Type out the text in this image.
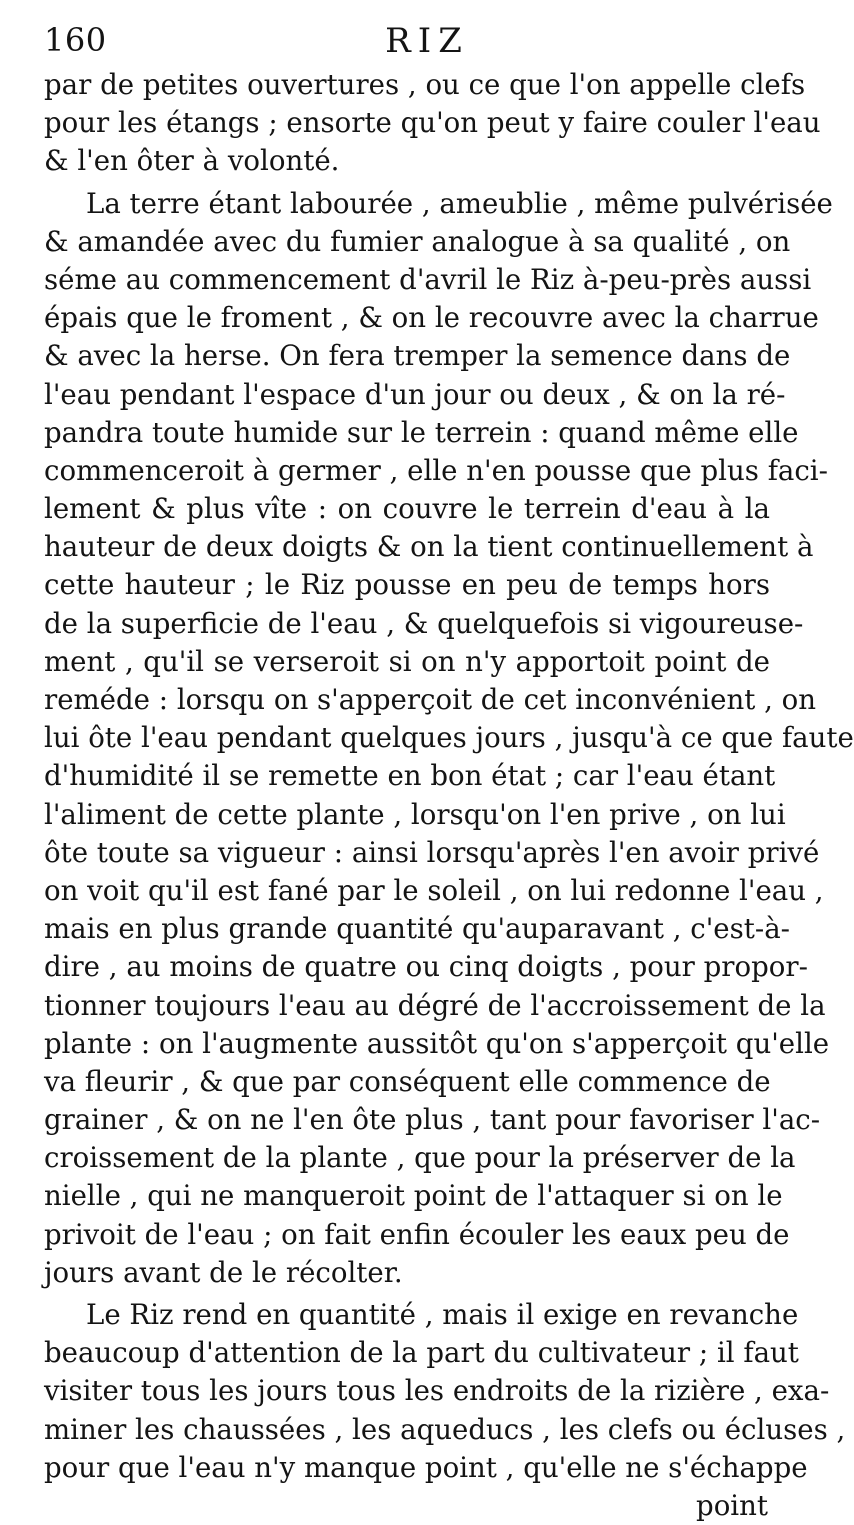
160	RIZ
par de petites ouvertures , ou ce que l'on appelle clefs
pour les étangs ; ensorte qu'on peut y faire couler l'eau
& l'en ôter à volonté.
La terre étant labourée , ameublie , même pulvérisée
& amandée avec du fumier analogue à sa qualité , on
séme au commencement d'avril le Riz à-peu-près aussi
épais que le froment , & on le recouvre avec la charrue
& avec la herse. On fera tremper la semence dans de
l'eau pendant l'espace d'un jour ou deux , & on la ré-
pandra toute humide sur le terrein : quand même elle
commenceroit à germer , elle n'en pousse que plus faci-
lement & plus vîte : on couvre le terrein d'eau à la
hauteur de deux doigts & on la tient continuellement à
cette hauteur ; le Riz pousse en peu de temps hors
de la superficie de l'eau , & quelquefois si vigoureuse-
ment , qu'il se verseroit si on n'y apportoit point de
reméde : lorsqu on s'apperçoit de cet inconvénient , on
lui ôte l'eau pendant quelques jours , jusqu'à ce que faute
d'humidité il se remette en bon état ; car l'eau étant
l'aliment de cette plante , lorsqu'on l'en prive , on lui
ôte toute sa vigueur : ainsi lorsqu'après l'en avoir privé
on voit qu'il est fané par le soleil , on lui redonne l'eau ,
mais en plus grande quantité qu'auparavant , c'est-à-
dire , au moins de quatre ou cinq doigts , pour propor-
tionner toujours l'eau au dégré de l'accroissement de la
plante : on l'augmente aussitôt qu'on s'apperçoit qu'elle
va fleurir , & que par conséquent elle commence de
grainer , & on ne l'en ôte plus , tant pour favoriser l'ac-
croissement de la plante , que pour la préserver de la
nielle , qui ne manqueroit point de l'attaquer si on le
privoit de l'eau ; on fait enfin écouler les eaux peu de
jours avant de le récolter.
Le Riz rend en quantité , mais il exige en revanche
beaucoup d'attention de la part du cultivateur ; il faut
visiter tous les jours tous les endroits de la rizière , exa-
miner les chaussées , les aqueducs , les clefs ou écluses ,
pour que l'eau n'y manque point , qu'elle ne s'échappe
point
